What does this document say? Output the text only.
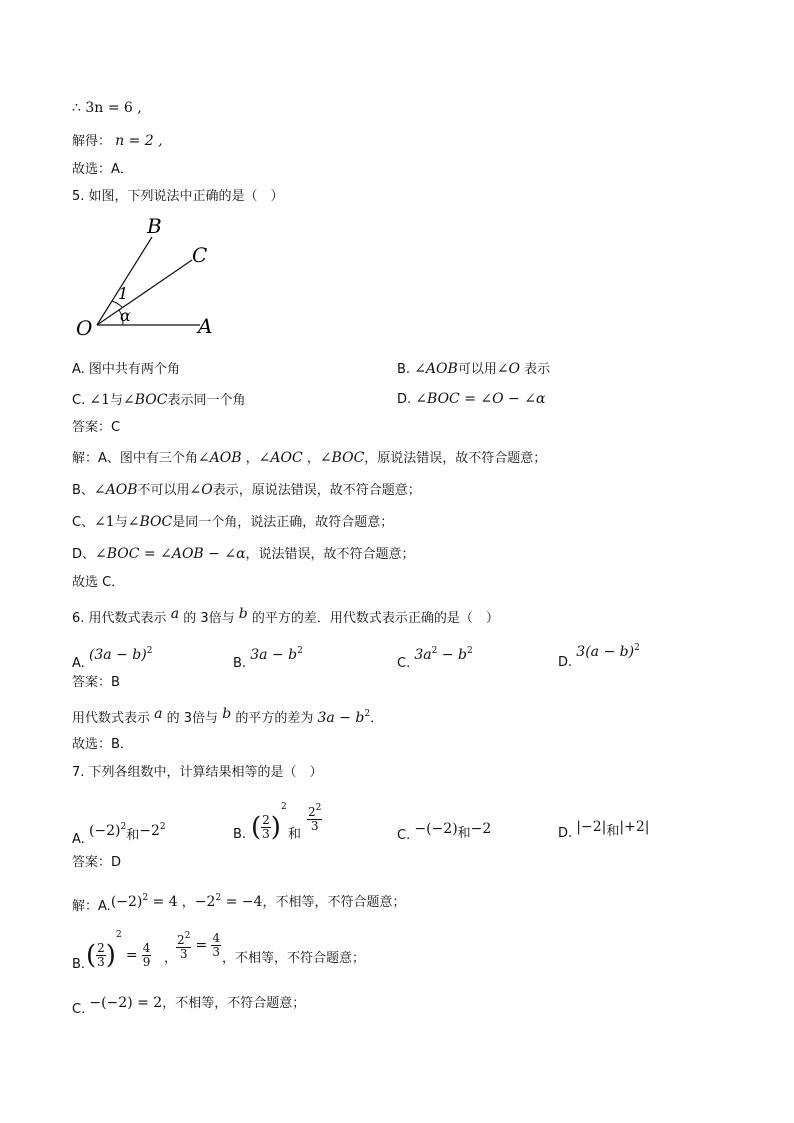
∴ 3n = 6 ,
解得： n = 2 ,
故选：A．
5. 如图，下列说法中正确的是（　）
B
C
O	A
1
α
A. 图中共有两个角	B. ∠AOB可以用∠O 表示
C. ∠1与∠BOC表示同一个角	D. ∠BOC = ∠O − ∠α
答案：C
解：A、图中有三个角∠AOB ，∠AOC ，∠BOC，原说法错误，故不符合题意；
B、∠AOB不可以用∠O表示，原说法错误，故不符合题意；
C、∠1与∠BOC是同一个角，说法正确，故符合题意；
D、∠BOC = ∠AOB − ∠α，说法错误，故不符合题意；
故选 C．
6. 用代数式表示 a 的 3倍与 b 的平方的差．用代数式表示正确的是（　）
A. $(3a - b)^2$
B. $3a - b^2$
C. $3a^2 - b^2$
D. $3(a - b)^2$
答案：B
用代数式表示 a 的 3倍与 b 的平方的差为 $3a - b^2$．
故选：B．
7. 下列各组数中，计算结果相等的是（　）
A. $(-2)^2$和$-2^2$	B. ( $\frac{2}{3} )^2$
和
$\frac{2^2}{3}$
C. −(−2)和−2	D. |−2|和|+2|
答案：D
解：$A.(-2)^2 = 4$ ，$-2^2 = -4$，不相等，不符合题意；
B. ( $\frac{2}{3} )^2 = \frac{4}{9}$ ，
$\frac{2^2}{3} = \frac{4}{3}$ ，不相等，不符合题意；
C. −(−2) = 2，不相等，不符合题意；
